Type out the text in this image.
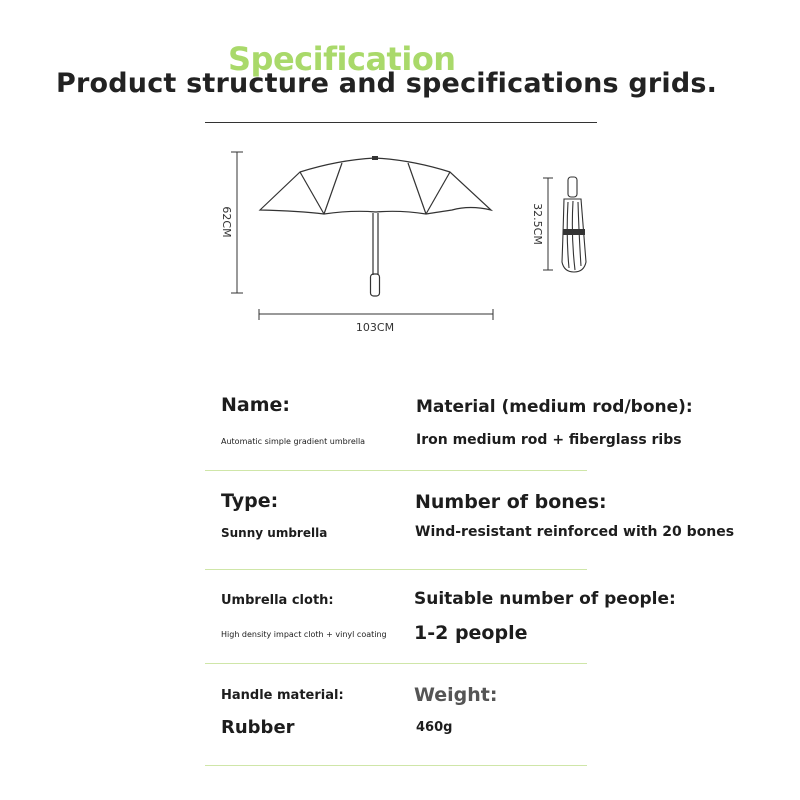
Specification
Product structure and specifications grids.
62CM
103CM
32.5CM
Name:
Automatic simple gradient umbrella
Material (medium rod/bone):
Iron medium rod + fiberglass ribs
Type:
Sunny umbrella
Number of bones:
Wind-resistant reinforced with 20 bones
Umbrella cloth:
High density impact cloth + vinyl coating
Suitable number of people:
1-2 people
Handle material:
Rubber
Weight:
460g
